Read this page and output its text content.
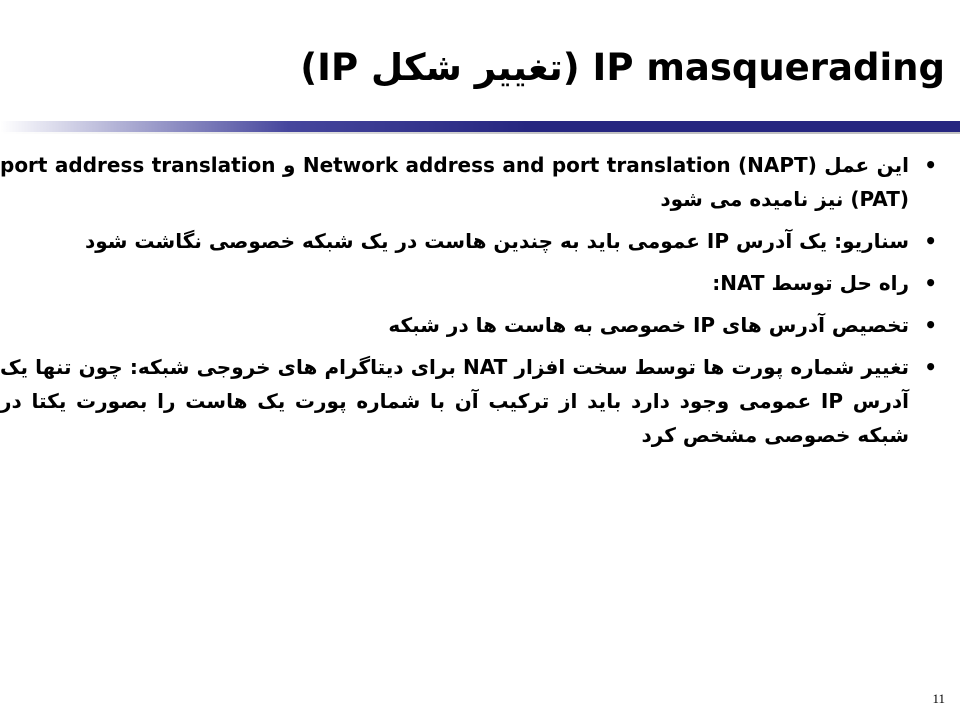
IP masquerading (تغییر شکل IP)
•
این عمل Network address and port translation (NAPT) و port address translation (PAT) نیز نامیده می شود
•
سناریو: یک آدرس IP عمومی باید به چندین هاست در یک شبکه خصوصی نگاشت شود
•
راه حل توسط NAT:
•
تخصیص آدرس های IP خصوصی به هاست ها در شبکه
•
تغییر شماره پورت ها توسط سخت افزار NAT برای دیتاگرام های خروجی شبکه: چون تنها یک آدرس IP عمومی وجود دارد باید از ترکیب آن با شماره پورت یک هاست را بصورت یکتا در شبکه خصوصی مشخص کرد
11
